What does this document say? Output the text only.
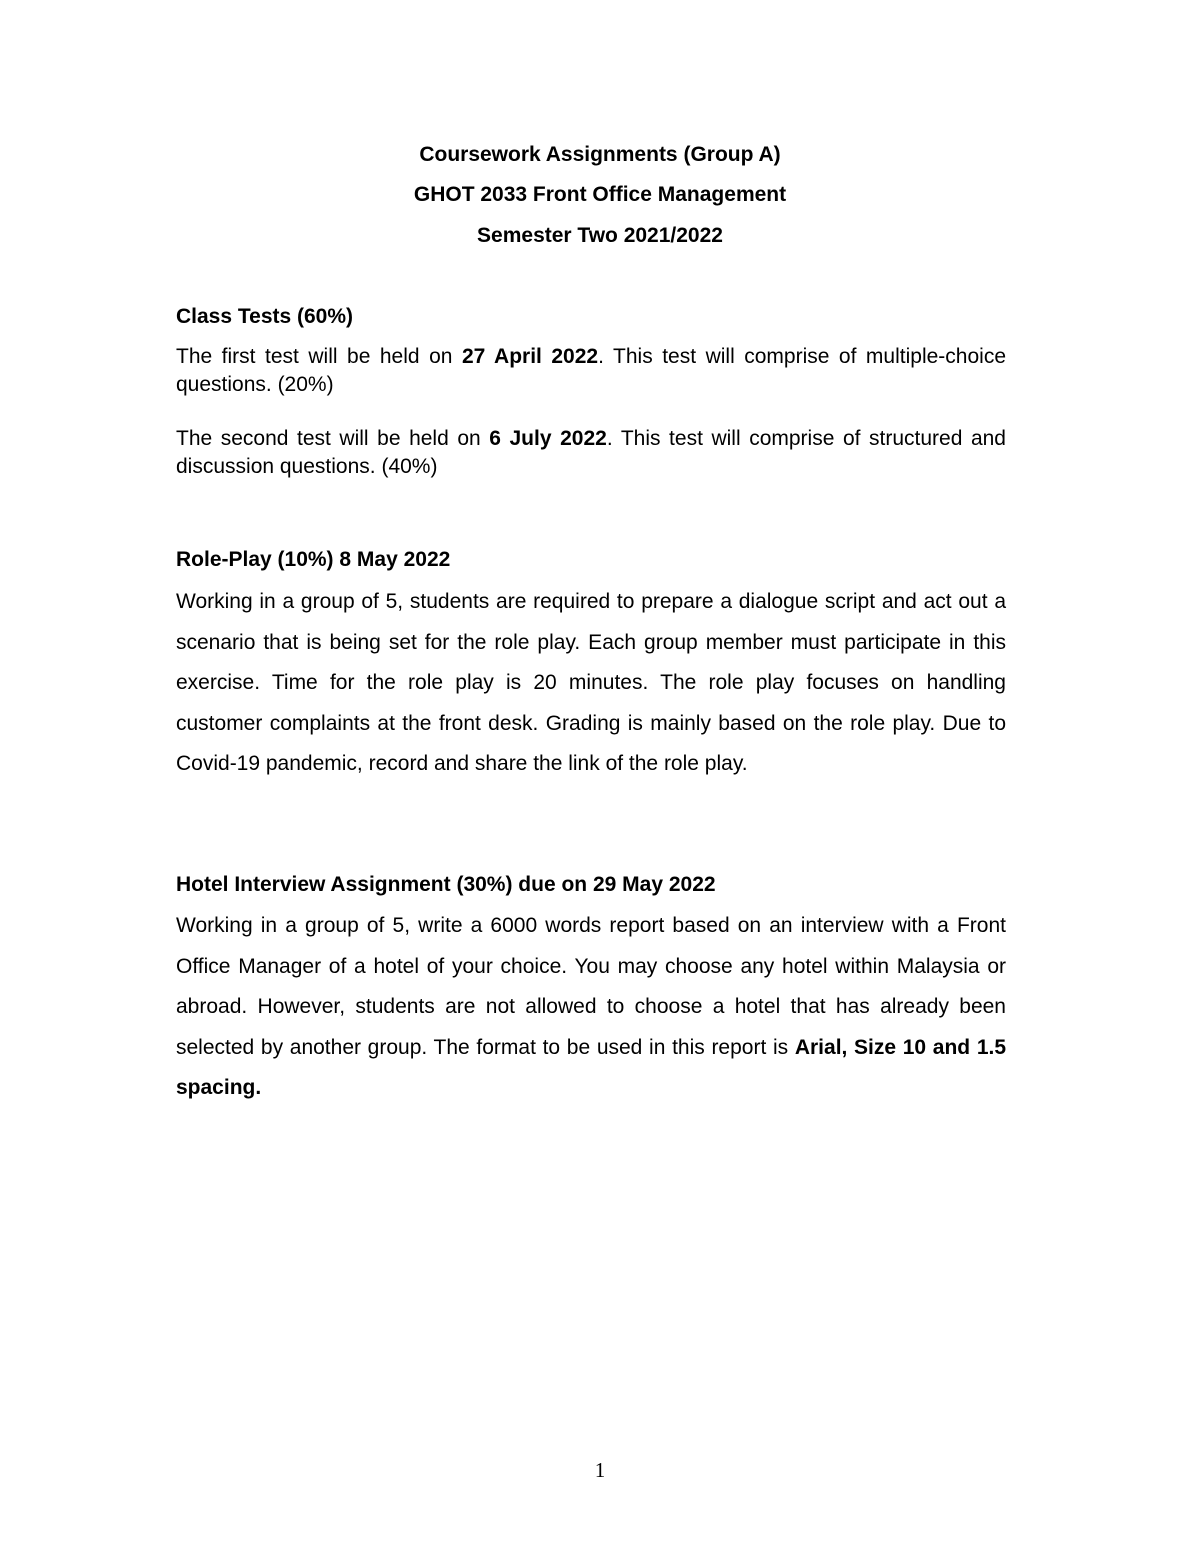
Coursework Assignments (Group A)
GHOT 2033 Front Office Management
Semester Two 2021/2022
Class Tests (60%)
The first test will be held on 27 April 2022. This test will comprise of multiple-choice questions. (20%)
The second test will be held on 6 July 2022. This test will comprise of structured and discussion questions. (40%)
Role-Play (10%) 8 May 2022
Working in a group of 5, students are required to prepare a dialogue script and act out a scenario that is being set for the role play. Each group member must participate in this exercise. Time for the role play is 20 minutes. The role play focuses on handling customer complaints at the front desk. Grading is mainly based on the role play. Due to Covid-19 pandemic, record and share the link of the role play.
Hotel Interview Assignment (30%) due on 29 May 2022
Working in a group of 5, write a 6000 words report based on an interview with a Front Office Manager of a hotel of your choice. You may choose any hotel within Malaysia or abroad. However, students are not allowed to choose a hotel that has already been selected by another group. The format to be used in this report is Arial, Size 10 and 1.5 spacing.
1
